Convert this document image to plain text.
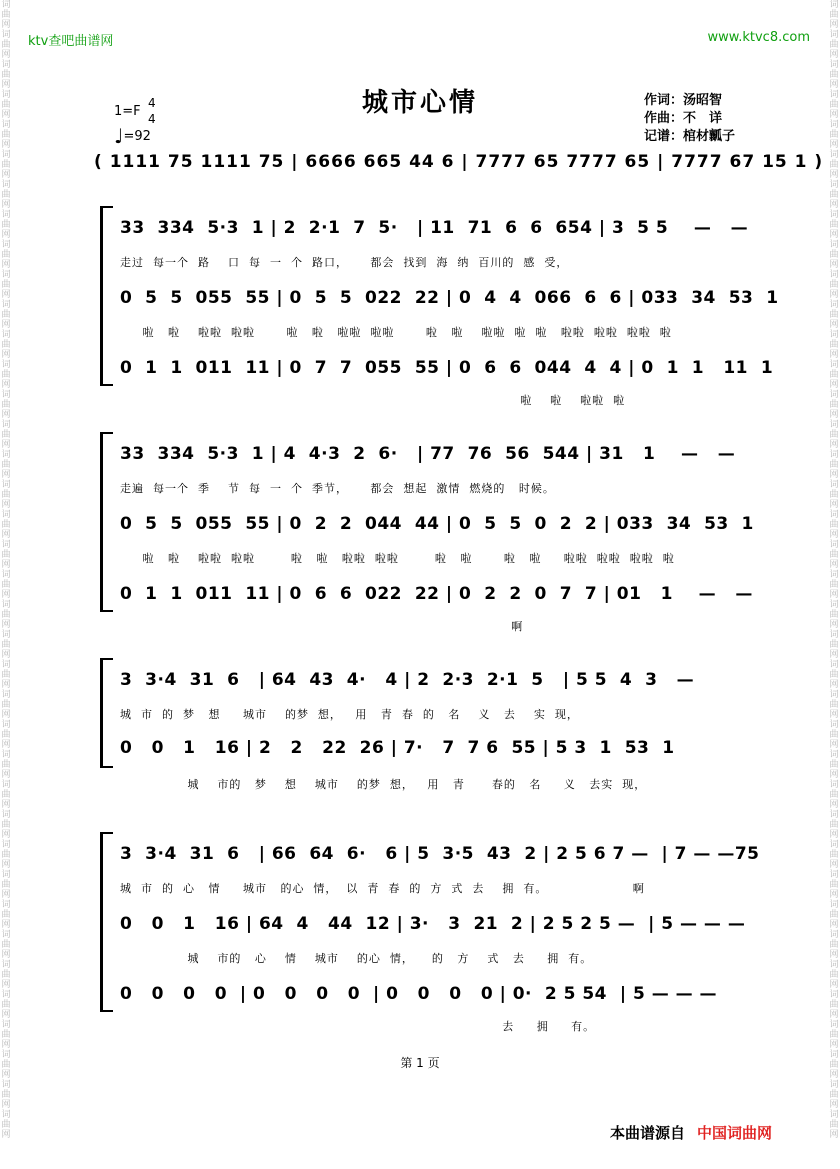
词曲网词曲网词曲网词曲网词曲网词曲网词曲网词曲网词曲网词曲网词曲网词曲网词曲网词曲网词曲网词曲网词曲网词曲网词曲网词曲网词曲网词曲网词曲网词曲网词曲网词曲网词曲网词曲网词曲网词曲网词曲网词曲网词曲网词曲网词曲网词曲网词曲网词曲网
词曲网词曲网词曲网词曲网词曲网词曲网词曲网词曲网词曲网词曲网词曲网词曲网词曲网词曲网词曲网词曲网词曲网词曲网词曲网词曲网词曲网词曲网词曲网词曲网词曲网词曲网词曲网词曲网词曲网词曲网词曲网词曲网词曲网词曲网词曲网词曲网词曲网词曲网
ktv查吧曲谱网	www.ktvc8.com
城市心情
1=F
4
4
♩=92
作词：汤昭智
作曲：不　详
记谱：棺材瓤子
( 1111 75 1111 75 | 6666 665 44 6 | 7777 65 7777 65 | 7777 67 15 1 )
33  334  5·3  1 | 2  2·1  7  5·   | 11  71  6  6  654 | 3  5 5    —   —
走过  每一个  路    口  每  一  个  路口，     都会  找到  海  纳  百川的  感  受，
0  5  5  055  55 | 0  5  5  022  22 | 0  4  4  066  6  6 | 033  34  53  1
啦   啦    啦啦  啦啦       啦   啦   啦啦  啦啦       啦   啦    啦啦  啦  啦   啦啦  啦啦  啦啦  啦
0  1  1  011  11 | 0  7  7  055  55 | 0  6  6  044  4  4 | 0  1  1   11  1
啦    啦    啦啦  啦
33  334  5·3  1 | 4  4·3  2  6·   | 77  76  56  544 | 31   1    —   —
走遍  每一个  季    节  每  一  个  季节，     都会  想起  激情  燃烧的   时候。
0  5  5  055  55 | 0  2  2  044  44 | 0  5  5  0  2  2 | 033  34  53  1
啦   啦    啦啦  啦啦        啦   啦   啦啦  啦啦        啦   啦       啦   啦     啦啦  啦啦  啦啦  啦
0  1  1  011  11 | 0  6  6  022  22 | 0  2  2  0  7  7 | 01   1    —   —
啊
3  3·4  31  6   | 64  43  4·   4 | 2  2·3  2·1  5   | 5 5  4  3   —
城  市  的  梦   想     城市    的梦  想，   用   青  春  的   名    义   去    实  现，
0   0   1   16 | 2   2   22  26 | 7·   7  7 6  55 | 5 3  1  53  1
城    市的   梦    想    城市    的梦  想，   用   青      春的   名     义   去实  现，
3  3·4  31  6   | 66  64  6·   6 | 5  3·5  43  2 | 2 5 6 7 —  | 7 — —75
城  市  的  心   情     城市   的心  情，  以  青  春  的  方  式  去    拥  有。                   啊
0   0   1   16 | 64  4   44  12 | 3·   3  21  2 | 2 5 2 5 —  | 5 — — —
城    市的   心    情    城市    的心  情，    的   方    式   去     拥  有。
0   0   0   0  | 0   0   0   0  | 0   0   0   0 | 0·  2 5 54  | 5 — — —
去     拥     有。
第 1 页
本曲谱源自 中国词曲网
